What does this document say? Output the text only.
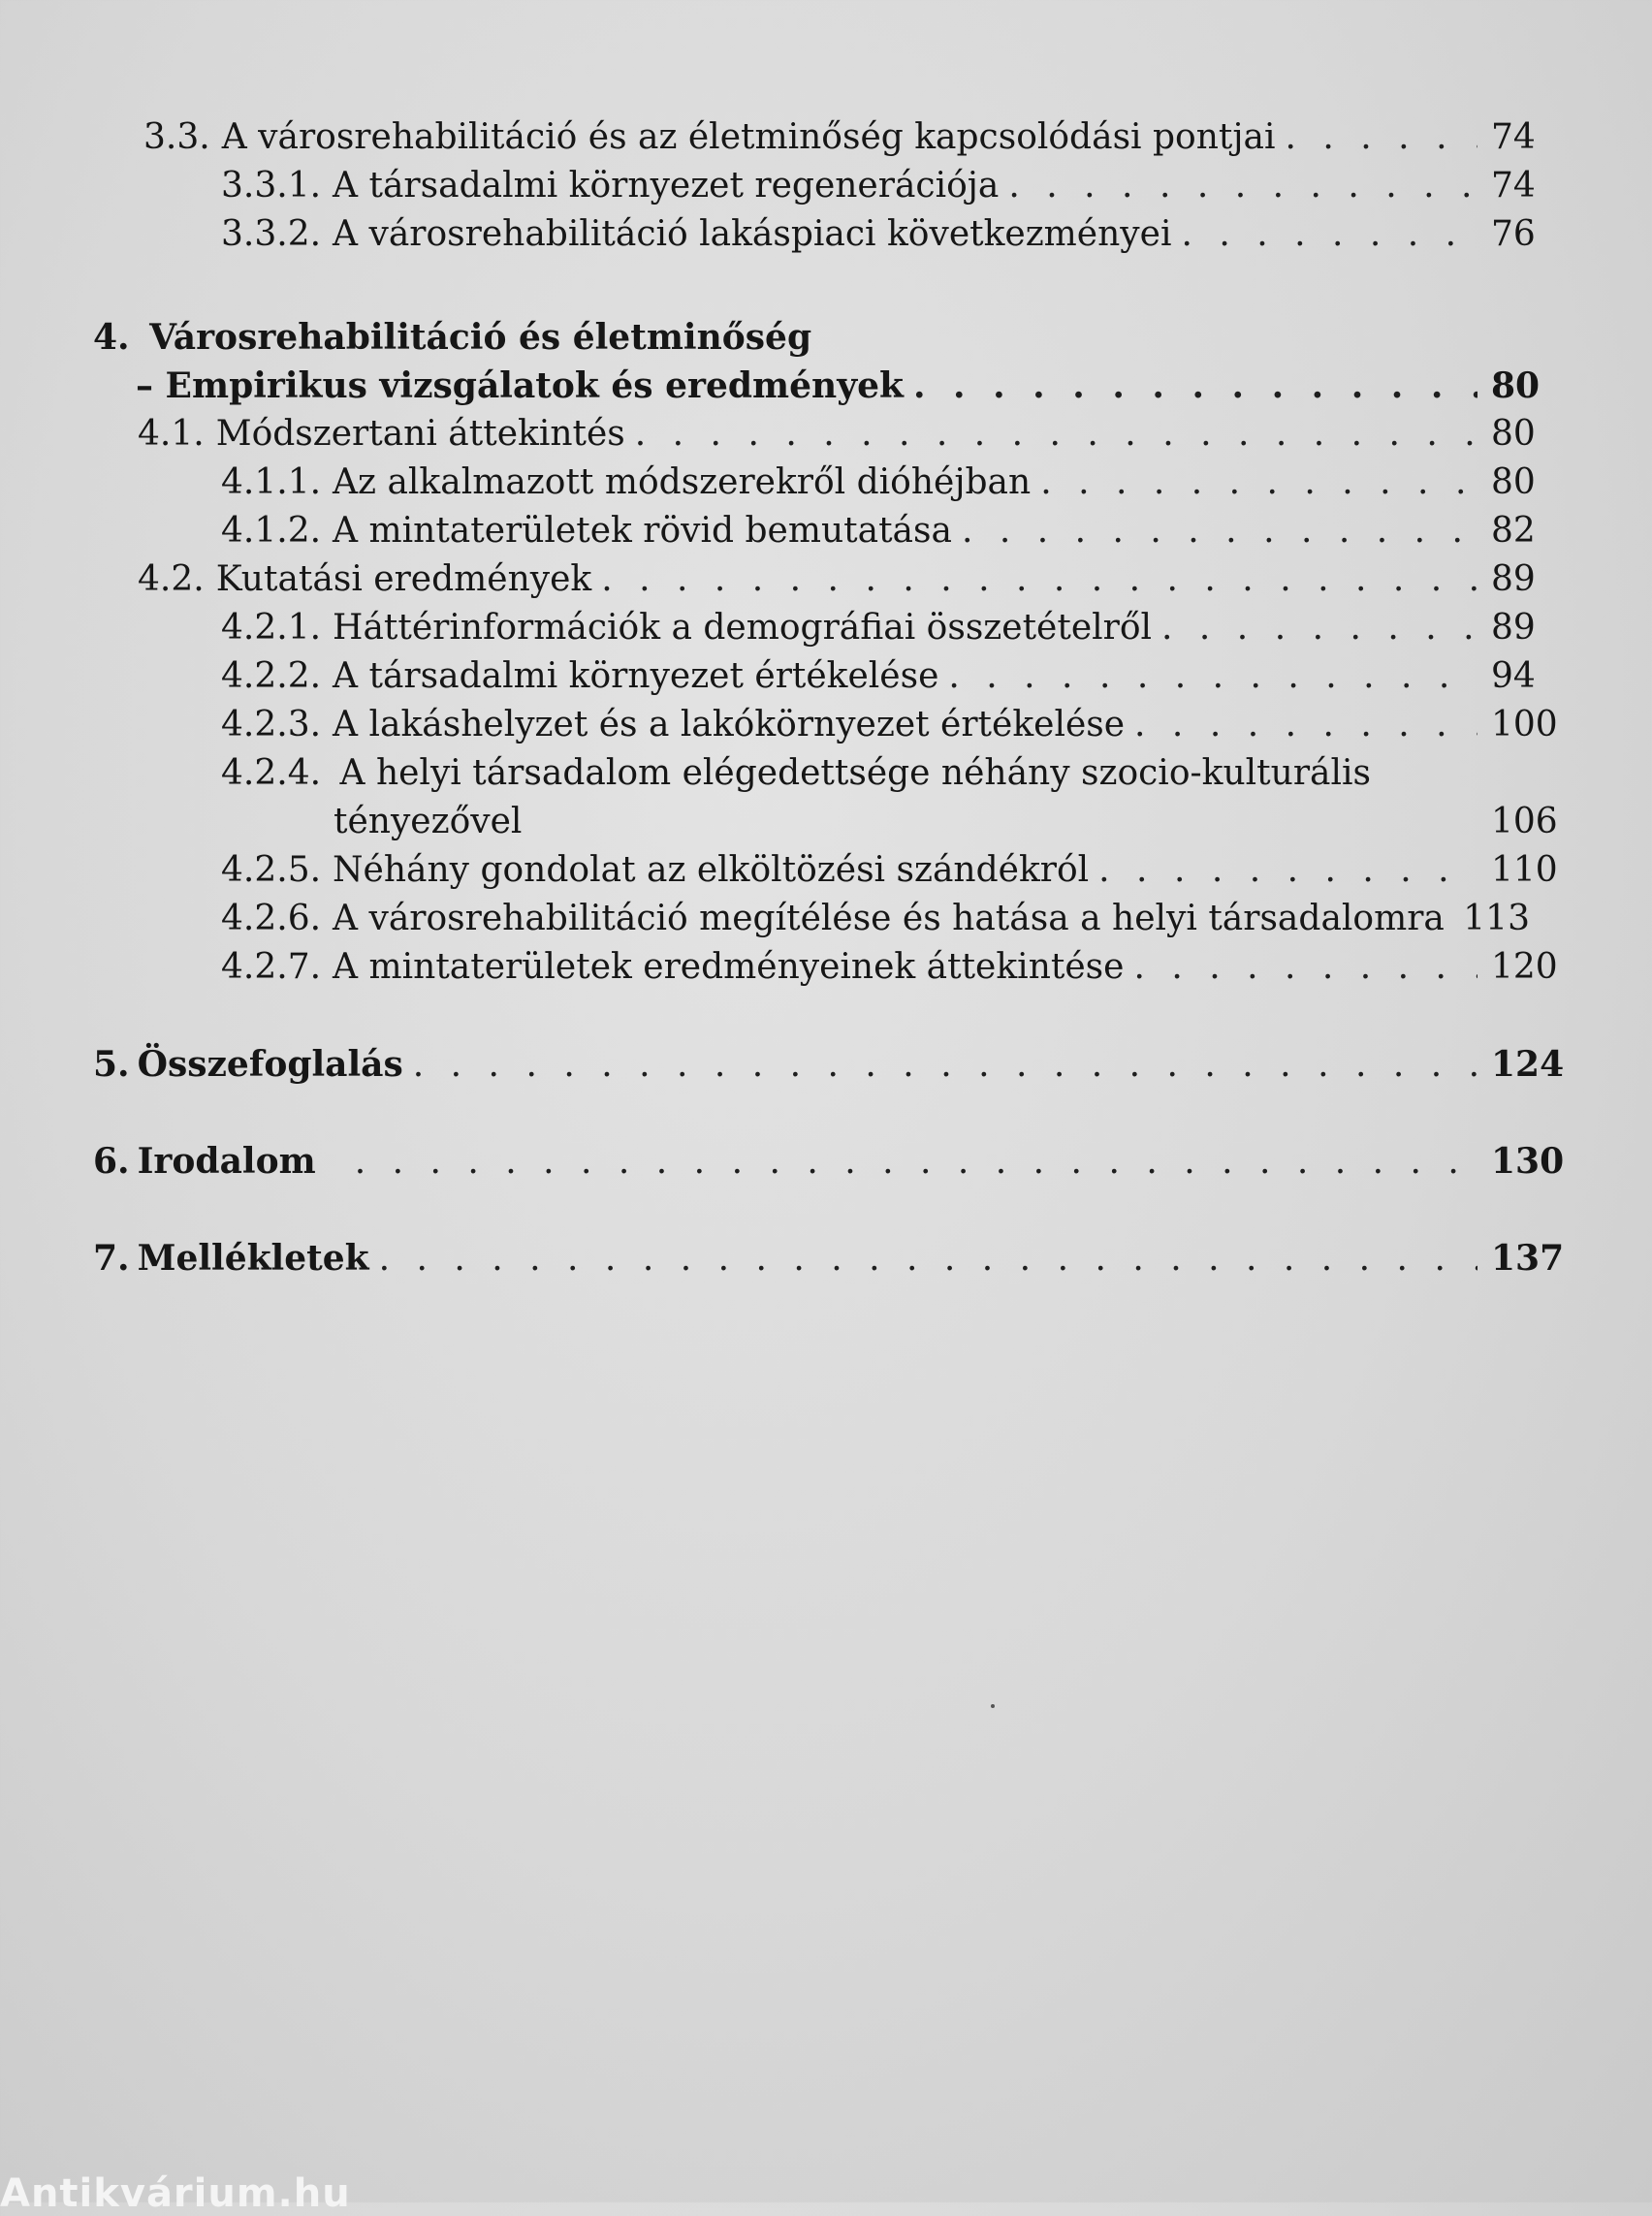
3.3. A városrehabilitáció és az életminőség kapcsolódási pontjai . . .	74
3.3.1. A társadalmi környezet regenerációja . . .	74
3.3.2. A városrehabilitáció lakáspiaci következményei . . .	76
4. Városrehabilitáció és életminőség
– Empirikus vizsgálatok és eredmények . . .	80
4.1. Módszertani áttekintés . . .	80
4.1.1. Az alkalmazott módszerekről dióhéjban . . .	80
4.1.2. A mintaterületek rövid bemutatása . . .	82
4.2. Kutatási eredmények . . .	89
4.2.1. Háttérinformációk a demográfiai összetételről . . .	89
4.2.2. A társadalmi környezet értékelése . . .	94
4.2.3. A lakáshelyzet és a lakókörnyezet értékelése . . .	100
4.2.4. A helyi társadalom elégedettsége néhány szocio-kulturális
tényezővel	106
4.2.5. Néhány gondolat az elköltözési szándékról . . .	110
4.2.6. A városrehabilitáció megítélése és hatása a helyi társadalomra 113
4.2.7. A mintaterületek eredményeinek áttekintése . . .	120
5. Összefoglalás . . .	124
6. Irodalom . . .	130
7. Mellékletek . . .	137
Antikvárium.hu
